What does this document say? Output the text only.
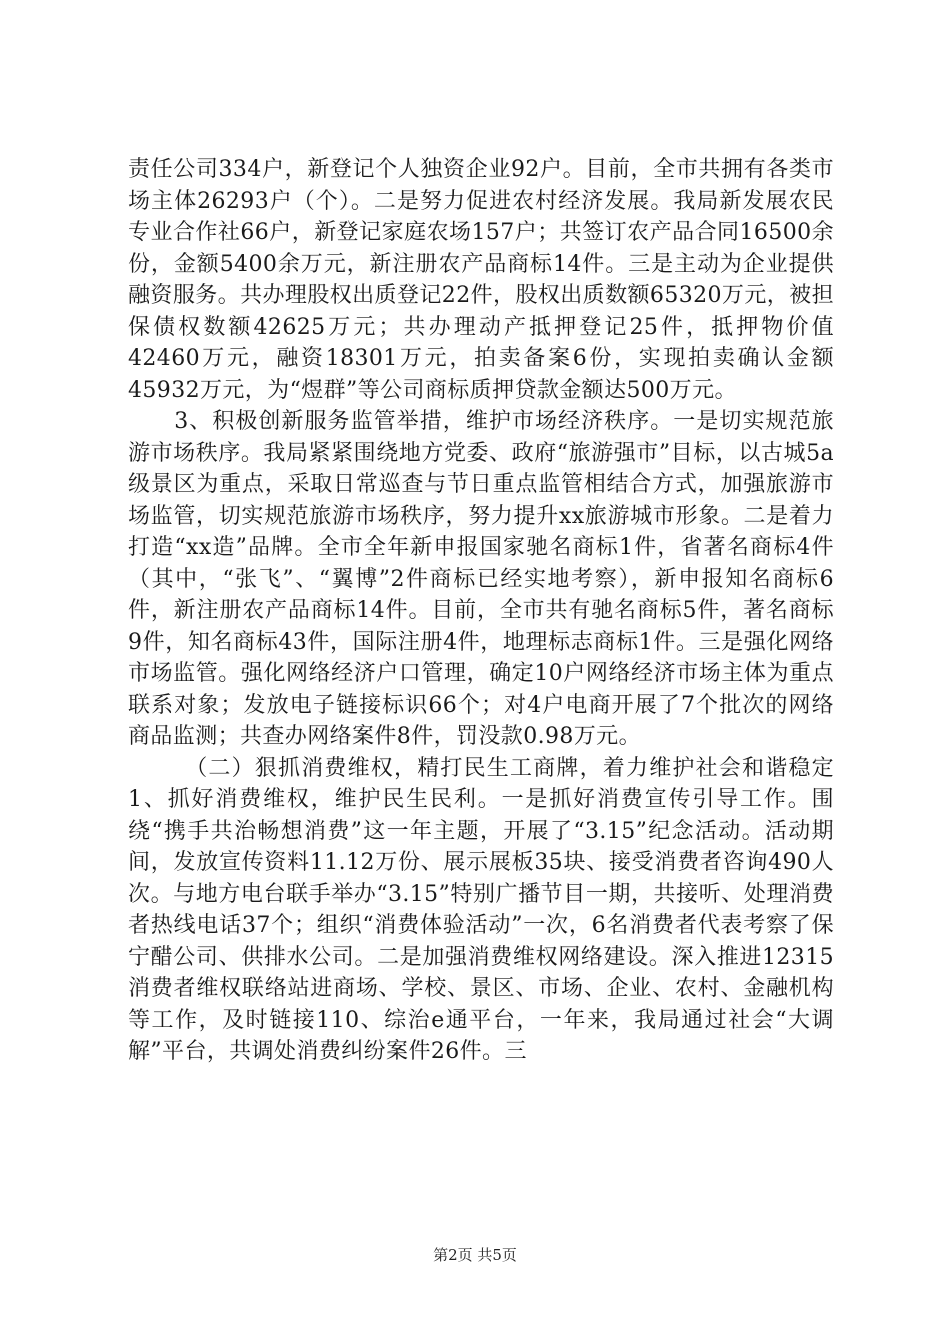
责任公司334户，新登记个人独资企业92户。目前，全市共拥有各类市场主体26293户（个）。二是努力促进农村经济发展。我局新发展农民专业合作社66户，新登记家庭农场157户；共签订农产品合同16500余份，金额5400余万元，新注册农产品商标14件。三是主动为企业提供融资服务。共办理股权出质登记22件，股权出质数额65320万元，被担保债权数额42625万元；共办理动产抵押登记25件，抵押物价值42460万元，融资18301万元，拍卖备案6份，实现拍卖确认金额45932万元，为“煜群”等公司商标质押贷款金额达500万元。

3、积极创新服务监管举措，维护市场经济秩序。一是切实规范旅游市场秩序。我局紧紧围绕地方党委、政府“旅游强市”目标，以古城5a级景区为重点，采取日常巡查与节日重点监管相结合方式，加强旅游市场监管，切实规范旅游市场秩序，努力提升xx旅游城市形象。二是着力打造“xx造”品牌。全市全年新申报国家驰名商标1件，省著名商标4件（其中，“张飞”、“翼博”2件商标已经实地考察），新申报知名商标6件，新注册农产品商标14件。目前，全市共有驰名商标5件，著名商标9件，知名商标43件，国际注册4件，地理标志商标1件。三是强化网络市场监管。强化网络经济户口管理，确定10户网络经济市场主体为重点联系对象；发放电子链接标识66个；对4户电商开展了7个批次的网络商品监测；共查办网络案件8件，罚没款0.98万元。

（二）狠抓消费维权，精打民生工商牌，着力维护社会和谐稳定1、抓好消费维权，维护民生民利。一是抓好消费宣传引导工作。围绕“携手共治畅想消费”这一年主题，开展了“3.15”纪念活动。活动期间，发放宣传资料11.12万份、展示展板35块、接受消费者咨询490人次。与地方电台联手举办“3.15”特别广播节目一期，共接听、处理消费者热线电话37个；组织“消费体验活动”一次，6名消费者代表考察了保宁醋公司、供排水公司。二是加强消费维权网络建设。深入推进12315消费者维权联络站进商场、学校、景区、市场、企业、农村、金融机构等工作，及时链接110、综治e通平台，一年来，我局通过社会“大调解”平台，共调处消费纠纷案件26件。三

第2页 共5页
